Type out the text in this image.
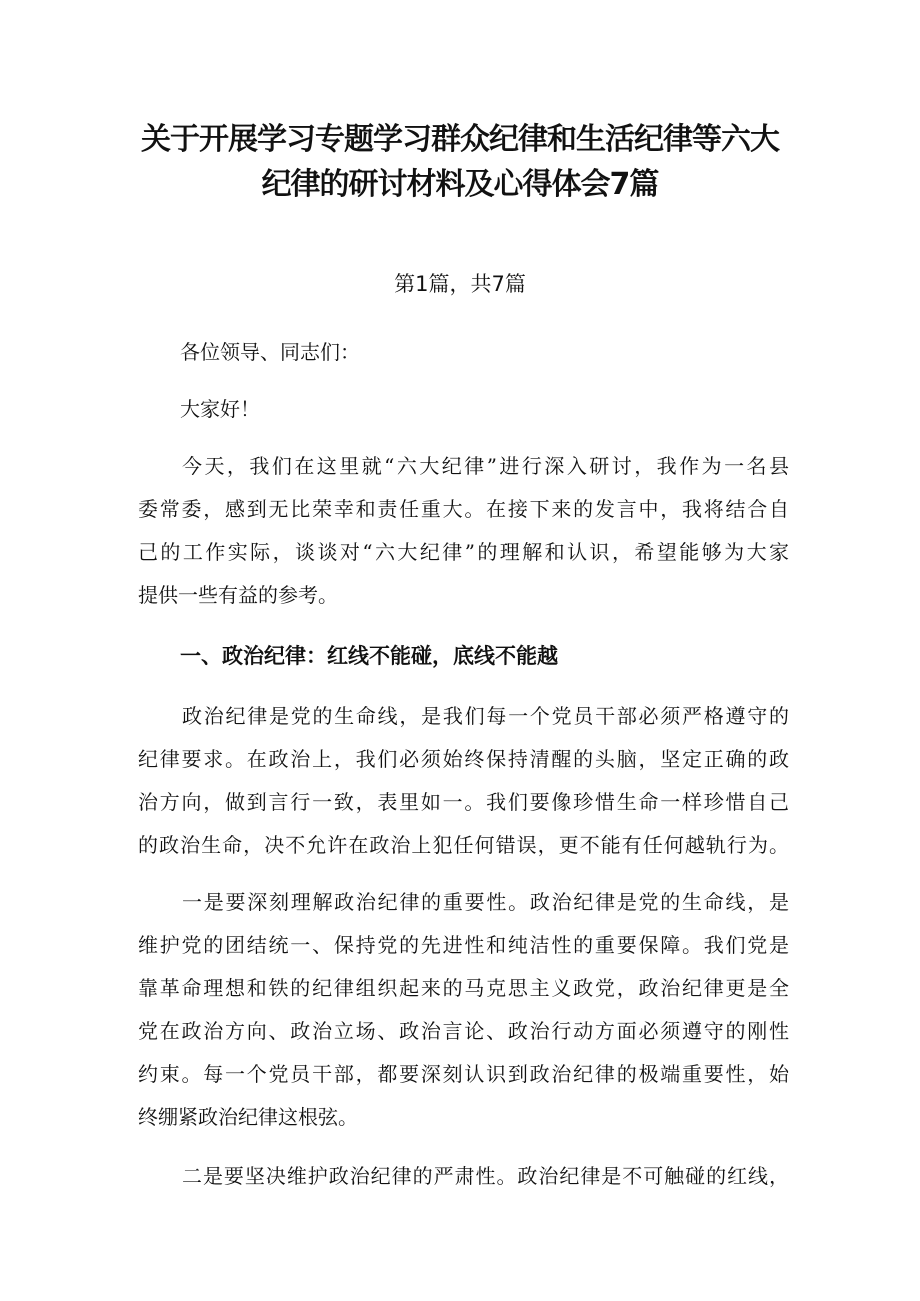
关于开展学习专题学习群众纪律和生活纪律等六大
纪律的研讨材料及心得体会7篇

第1篇，共7篇

各位领导、同志们：

大家好！

今天，我们在这里就“六大纪律”进行深入研讨，我作为一名县

委常委，感到无比荣幸和责任重大。在接下来的发言中，我将结合自

己的工作实际，谈谈对“六大纪律”的理解和认识，希望能够为大家

提供一些有益的参考。

一、政治纪律：红线不能碰，底线不能越

政治纪律是党的生命线，是我们每一个党员干部必须严格遵守的

纪律要求。在政治上，我们必须始终保持清醒的头脑，坚定正确的政

治方向，做到言行一致，表里如一。我们要像珍惜生命一样珍惜自己

的政治生命，决不允许在政治上犯任何错误，更不能有任何越轨行为。

一是要深刻理解政治纪律的重要性。政治纪律是党的生命线，是

维护党的团结统一、保持党的先进性和纯洁性的重要保障。我们党是

靠革命理想和铁的纪律组织起来的马克思主义政党，政治纪律更是全

党在政治方向、政治立场、政治言论、政治行动方面必须遵守的刚性

约束。每一个党员干部，都要深刻认识到政治纪律的极端重要性，始

终绷紧政治纪律这根弦。

二是要坚决维护政治纪律的严肃性。政治纪律是不可触碰的红线，
